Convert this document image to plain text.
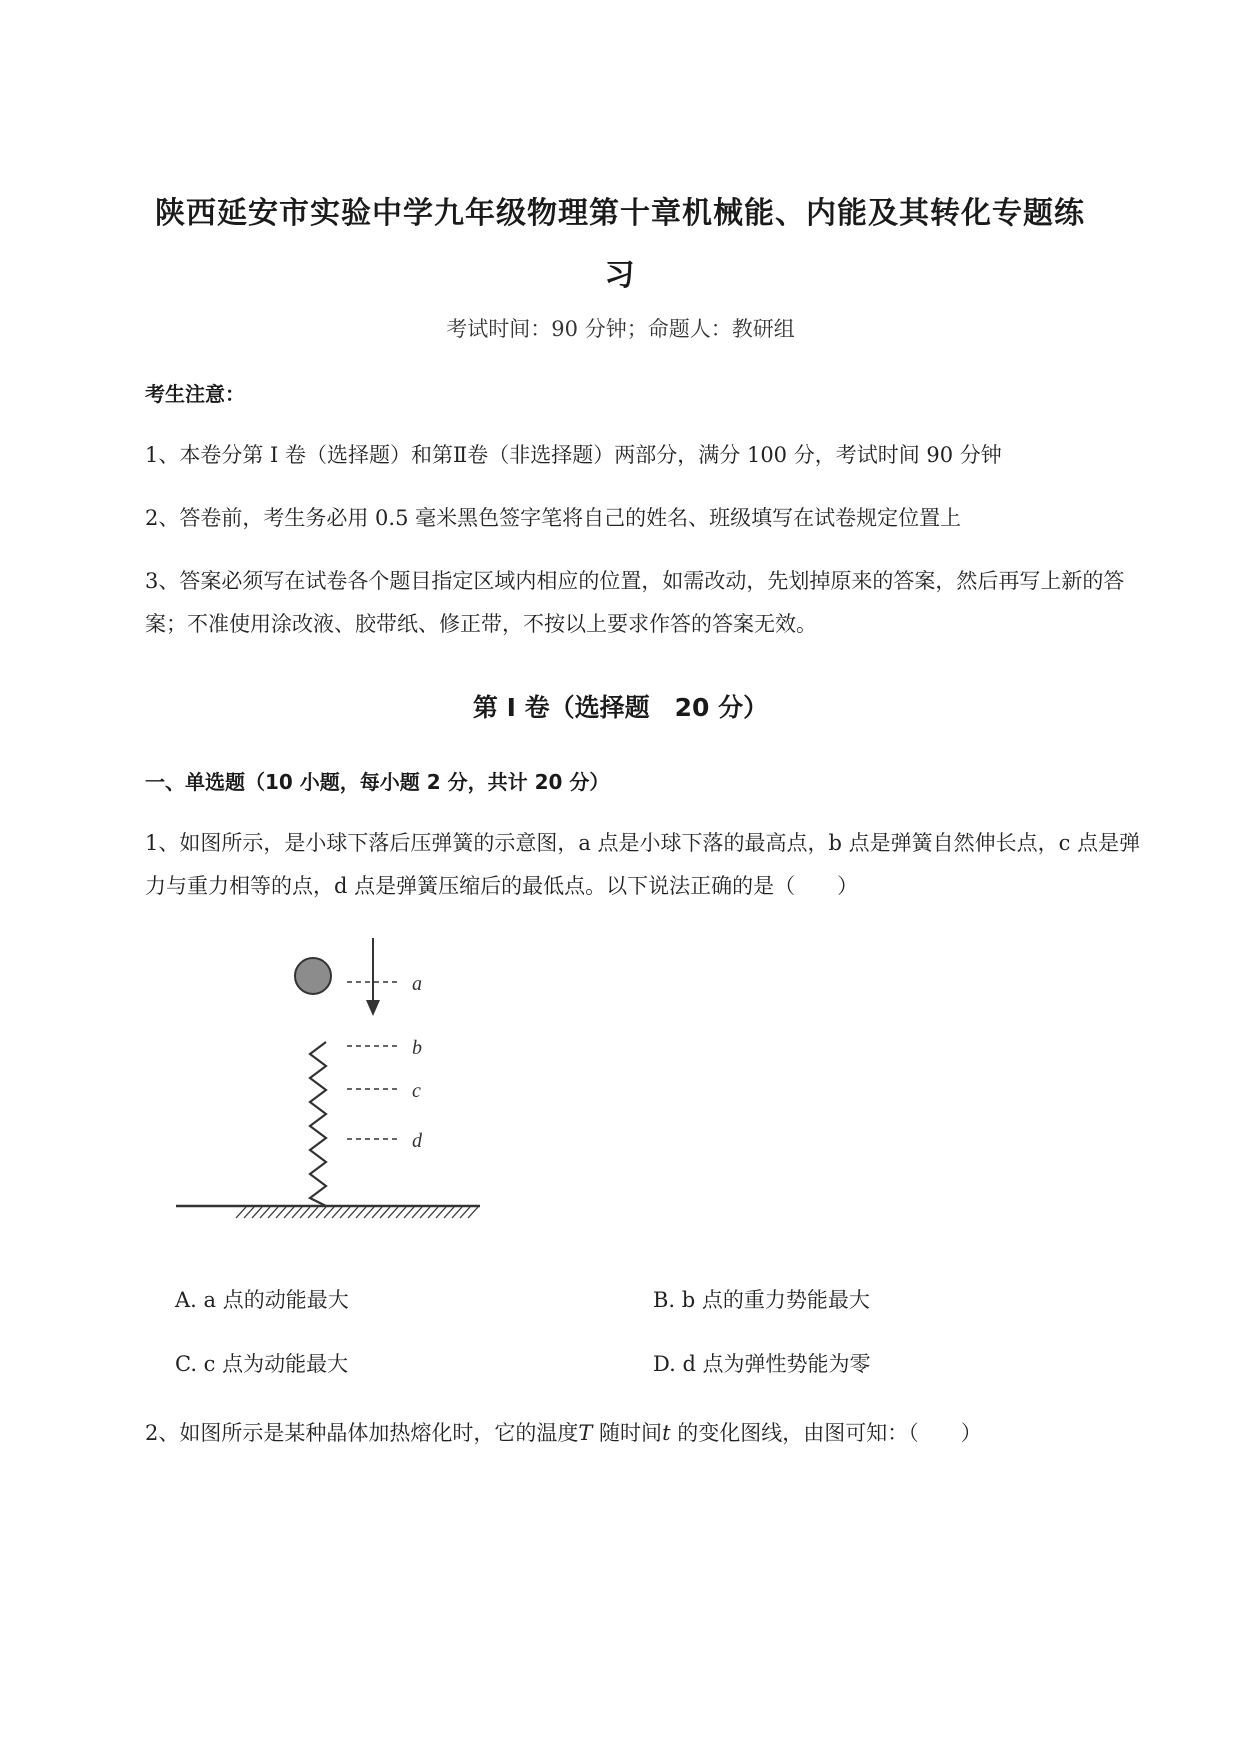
陕西延安市实验中学九年级物理第十章机械能、内能及其转化专题练
习
考试时间：90 分钟；命题人：教研组
考生注意：
1、本卷分第 I 卷（选择题）和第Ⅱ卷（非选择题）两部分，满分 100 分，考试时间 90 分钟
2、答卷前，考生务必用 0.5 毫米黑色签字笔将自己的姓名、班级填写在试卷规定位置上
3、答案必须写在试卷各个题目指定区域内相应的位置，如需改动，先划掉原来的答案，然后再写上新的答案；不准使用涂改液、胶带纸、修正带，不按以上要求作答的答案无效。
第 I 卷（选择题　20 分）
一、单选题（10 小题，每小题 2 分，共计 20 分）
1、如图所示，是小球下落后压弹簧的示意图，a 点是小球下落的最高点，b 点是弹簧自然伸长点，c 点是弹力与重力相等的点，d 点是弹簧压缩后的最低点。以下说法正确的是（　　）
a
b
c
d
A. a 点的动能最大	B. b 点的重力势能最大
C. c 点为动能最大	D. d 点为弹性势能为零
2、如图所示是某种晶体加热熔化时，它的温度T 随时间t 的变化图线，由图可知：（　　）
